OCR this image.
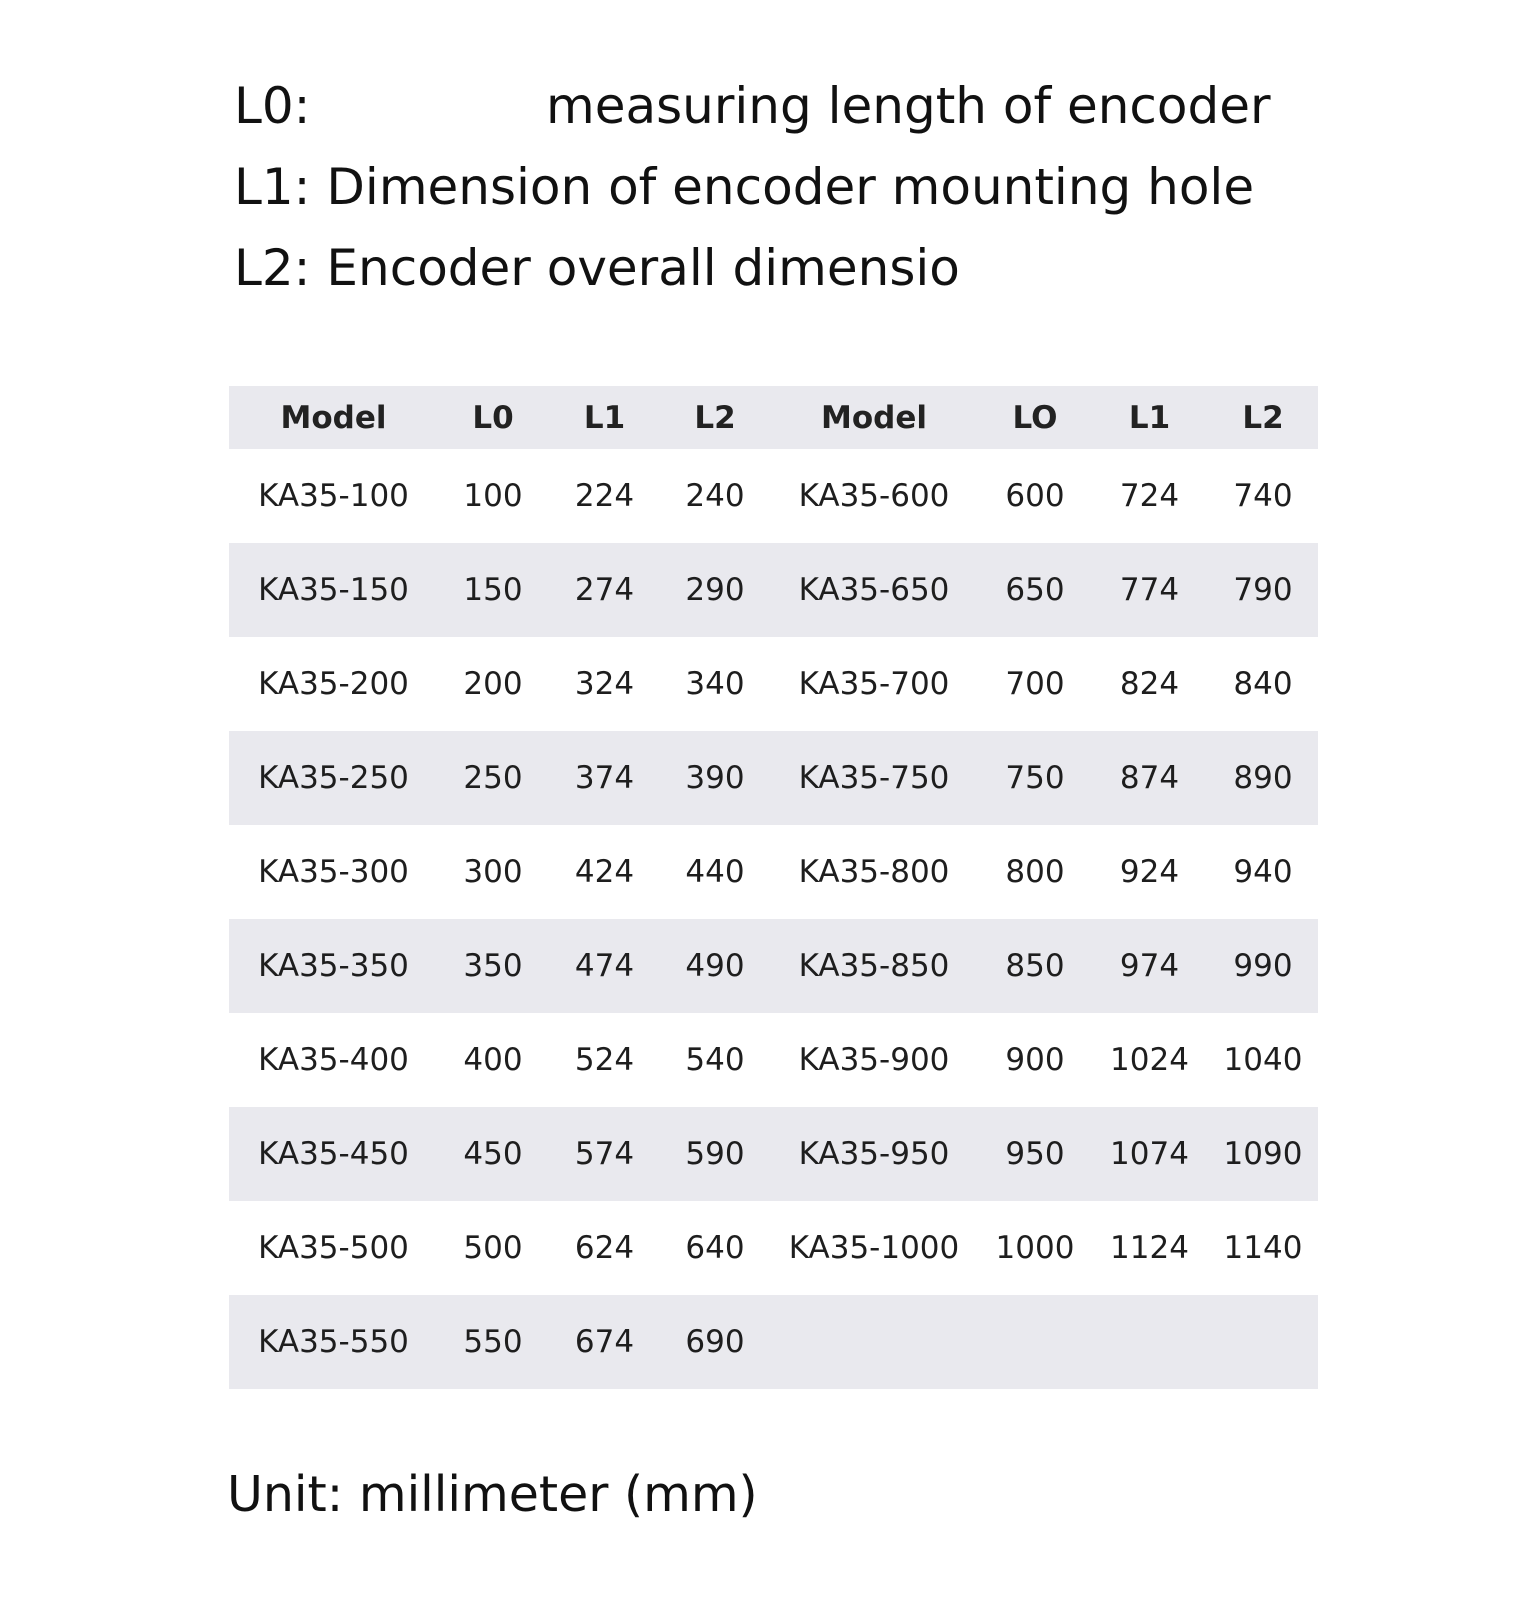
L0:	measuring length of encoder
L1: Dimension of encoder mounting hole
L2: Encoder overall dimensio
Model	L0	L1	L2	Model	LO	L1	L2
KA35-100	100	224	240	KA35-600	600	724	740
KA35-150	150	274	290	KA35-650	650	774	790
KA35-200	200	324	340	KA35-700	700	824	840
KA35-250	250	374	390	KA35-750	750	874	890
KA35-300	300	424	440	KA35-800	800	924	940
KA35-350	350	474	490	KA35-850	850	974	990
KA35-400	400	524	540	KA35-900	900	1024	1040
KA35-450	450	574	590	KA35-950	950	1074	1090
KA35-500	500	624	640	KA35-1000	1000	1124	1140
KA35-550	550	674	690				
Unit: millimeter (mm)
